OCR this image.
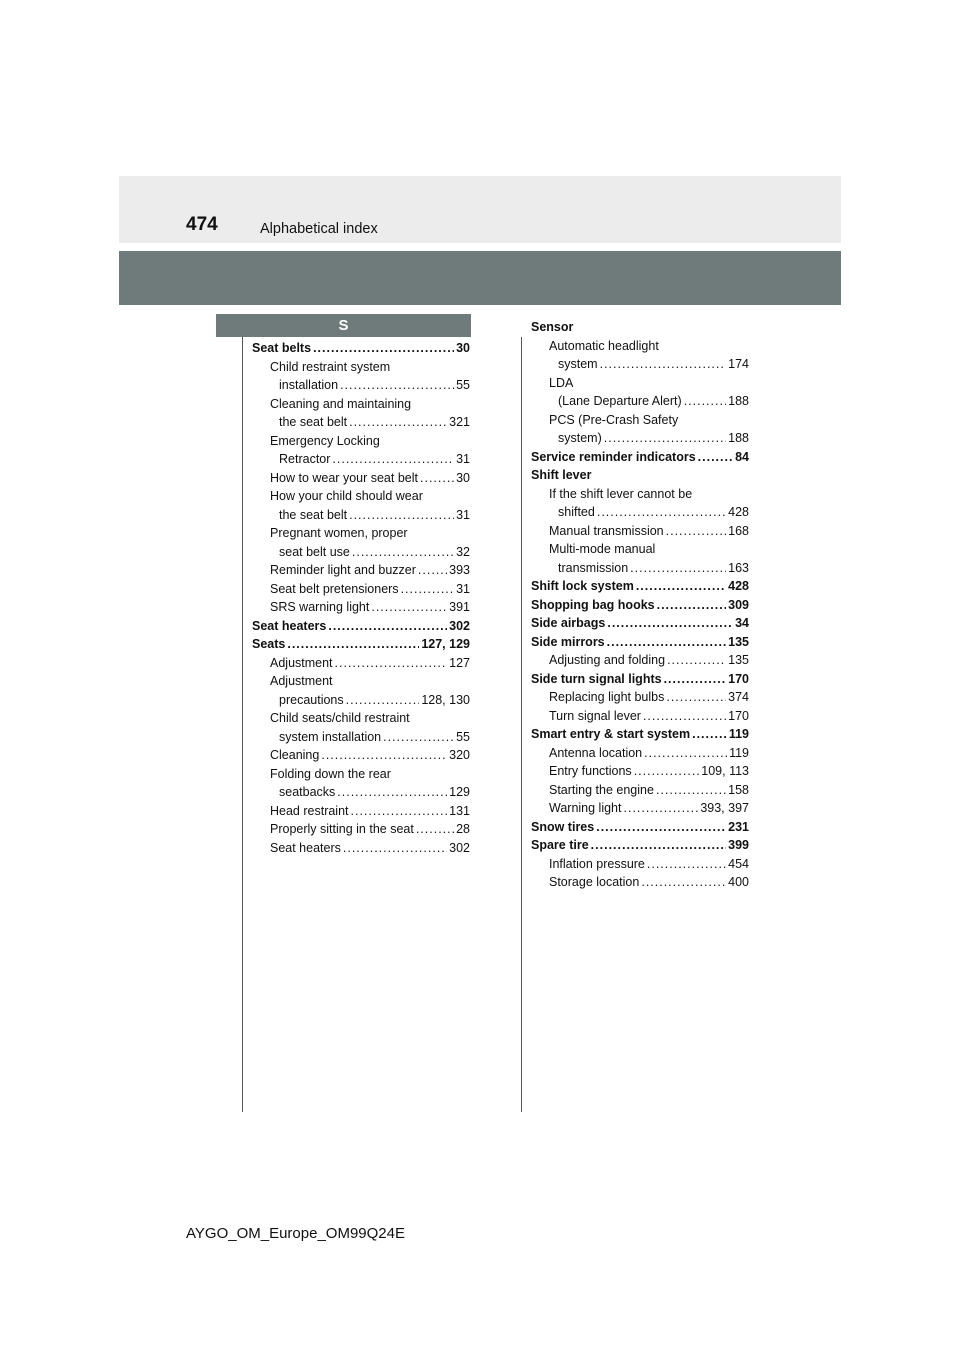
474	Alphabetical index
S
Seat belts .....	30
Child restraint system
installation .....	55
Cleaning and maintaining
the seat belt .....	321
Emergency Locking
Retractor .....	31
How to wear your seat belt .....	30
How your child should wear
the seat belt .....	31
Pregnant women, proper
seat belt use .....	32
Reminder light and buzzer .....	393
Seat belt pretensioners .....	31
SRS warning light .....	391
Seat heaters .....	302
Seats .....	127, 129
Adjustment .....	127
Adjustment
precautions .....	128, 130
Child seats/child restraint
system installation .....	55
Cleaning .....	320
Folding down the rear
seatbacks .....	129
Head restraint .....	131
Properly sitting in the seat .....	28
Seat heaters .....	302
Sensor
Automatic headlight
system .....	174
LDA
(Lane Departure Alert) .....	188
PCS (Pre-Crash Safety
system) .....	188
Service reminder indicators .....	84
Shift lever
If the shift lever cannot be
shifted .....	428
Manual transmission .....	168
Multi-mode manual
transmission .....	163
Shift lock system .....	428
Shopping bag hooks .....	309
Side airbags .....	34
Side mirrors .....	135
Adjusting and folding .....	135
Side turn signal lights .....	170
Replacing light bulbs .....	374
Turn signal lever .....	170
Smart entry & start system .....	119
Antenna location .....	119
Entry functions .....	109, 113
Starting the engine .....	158
Warning light .....	393, 397
Snow tires .....	231
Spare tire .....	399
Inflation pressure .....	454
Storage location .....	400
AYGO_OM_Europe_OM99Q24E
